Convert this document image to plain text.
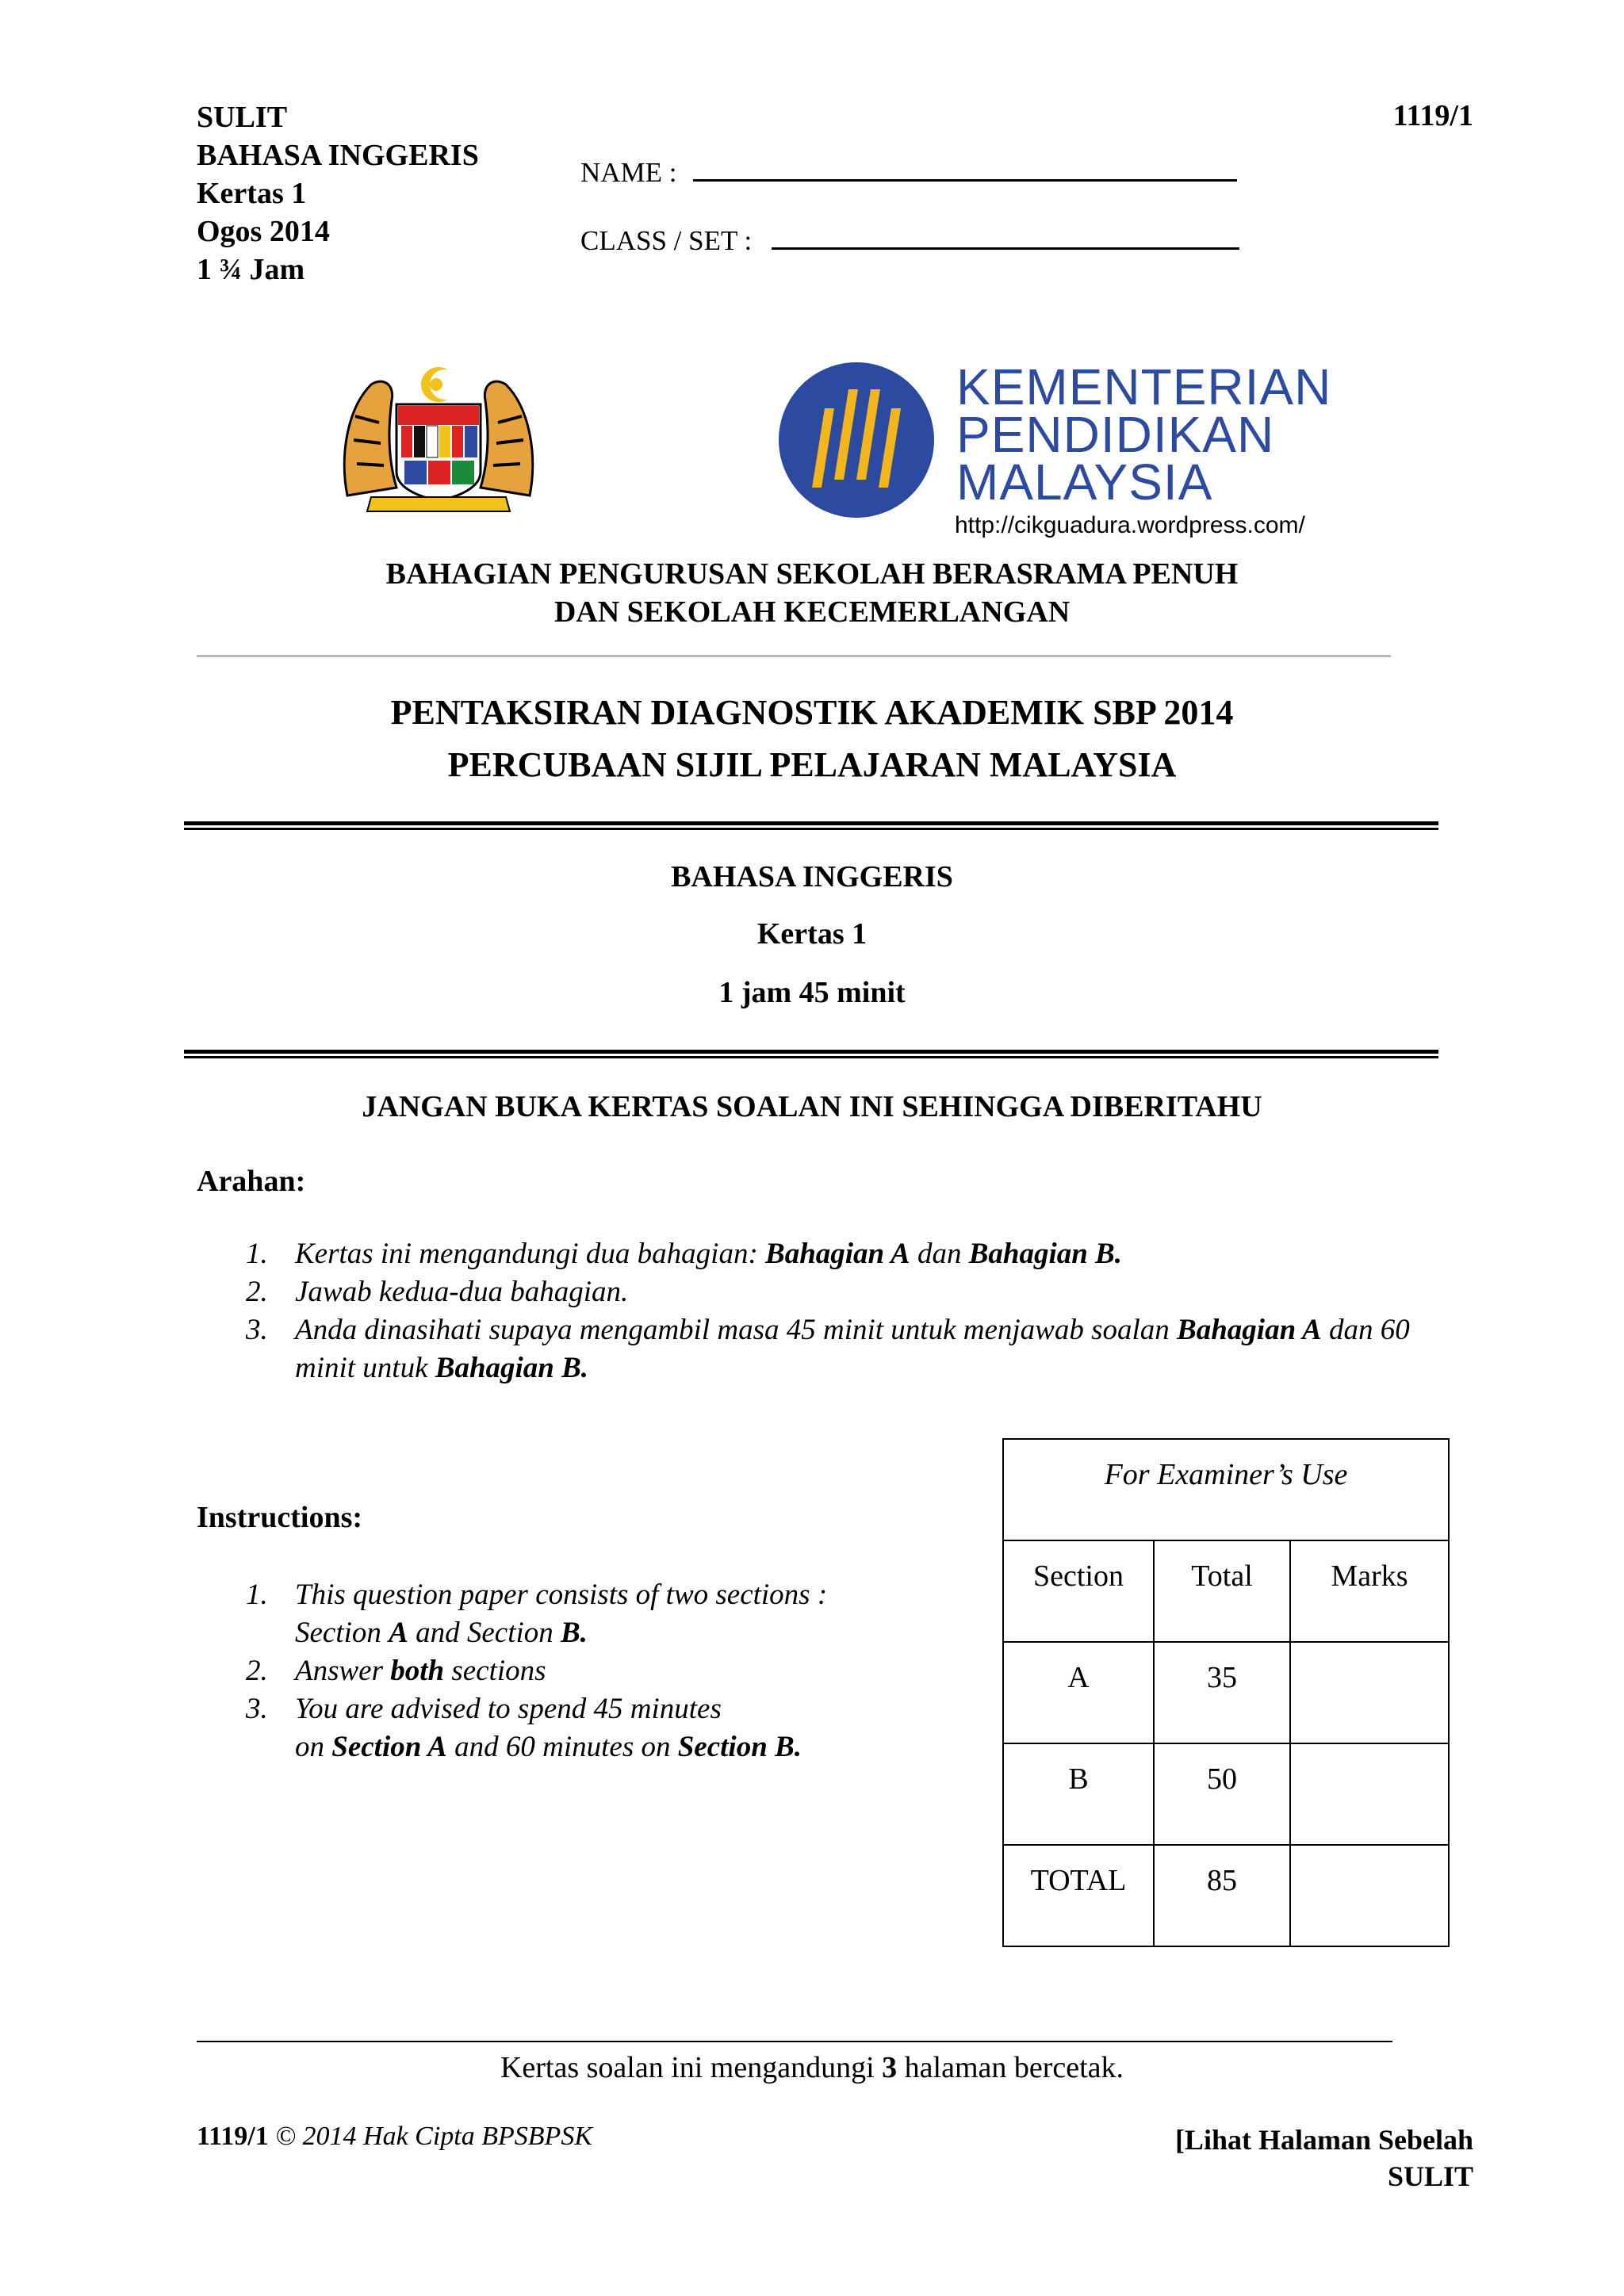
SULIT
BAHASA INGGERIS
Kertas 1
Ogos 2014
1 ¾ Jam
1119/1
NAME :
CLASS / SET :
KEMENTERIAN
PENDIDIKAN
MALAYSIA
http://cikguadura.wordpress.com/
BAHAGIAN PENGURUSAN SEKOLAH BERASRAMA PENUH
DAN SEKOLAH KECEMERLANGAN
PENTAKSIRAN DIAGNOSTIK AKADEMIK SBP 2014
PERCUBAAN SIJIL PELAJARAN MALAYSIA
BAHASA INGGERIS
Kertas 1
1 jam 45 minit
JANGAN BUKA KERTAS SOALAN INI SEHINGGA DIBERITAHU
Arahan:
1. Kertas ini mengandungi dua bahagian: Bahagian A dan Bahagian B.
2. Jawab kedua-dua bahagian.
3. Anda dinasihati supaya mengambil masa 45 minit untuk menjawab soalan Bahagian A dan 60 minit untuk Bahagian B.
Instructions:
1. This question paper consists of two sections :
Section A and Section B.
2. Answer both sections
3. You are advised to spend 45 minutes
on Section A and 60 minutes on Section B.
For Examiner’s Use		
Section	Total	Marks
A	35	
B	50	
TOTAL	85	
Kertas soalan ini mengandungi 3 halaman bercetak.
1119/1 © 2014 Hak Cipta BPSBPSK	[Lihat Halaman Sebelah
SULIT
